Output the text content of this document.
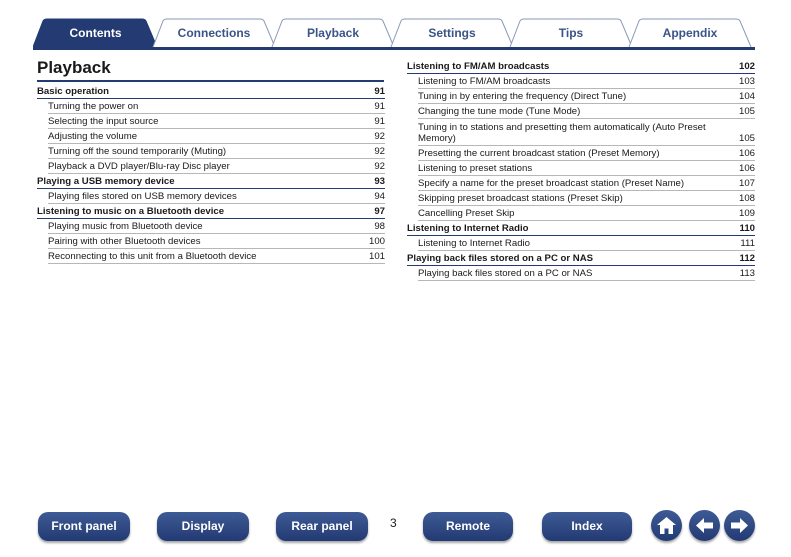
Contents	Connections	Playback	Settings	Tips	Appendix
Playback
Basic operation	91
Turning the power on	91
Selecting the input source	91
Adjusting the volume	92
Turning off the sound temporarily (Muting)	92
Playback a DVD player/Blu-ray Disc player	92
Playing a USB memory device	93
Playing files stored on USB memory devices	94
Listening to music on a Bluetooth device	97
Playing music from Bluetooth device	98
Pairing with other Bluetooth devices	100
Reconnecting to this unit from a Bluetooth device	101
Listening to FM/AM broadcasts	102
Listening to FM/AM broadcasts	103
Tuning in by entering the frequency (Direct Tune)	104
Changing the tune mode (Tune Mode)	105
Tuning in to stations and presetting them automatically (Auto Preset Memory)	105
Presetting the current broadcast station (Preset Memory)	106
Listening to preset stations	106
Specify a name for the preset broadcast station (Preset Name)	107
Skipping preset broadcast stations (Preset Skip)	108
Cancelling Preset Skip	109
Listening to Internet Radio	110
Listening to Internet Radio	111
Playing back files stored on a PC or NAS	112
Playing back files stored on a PC or NAS	113
Front panel	Display	Rear panel	3	Remote	Index
